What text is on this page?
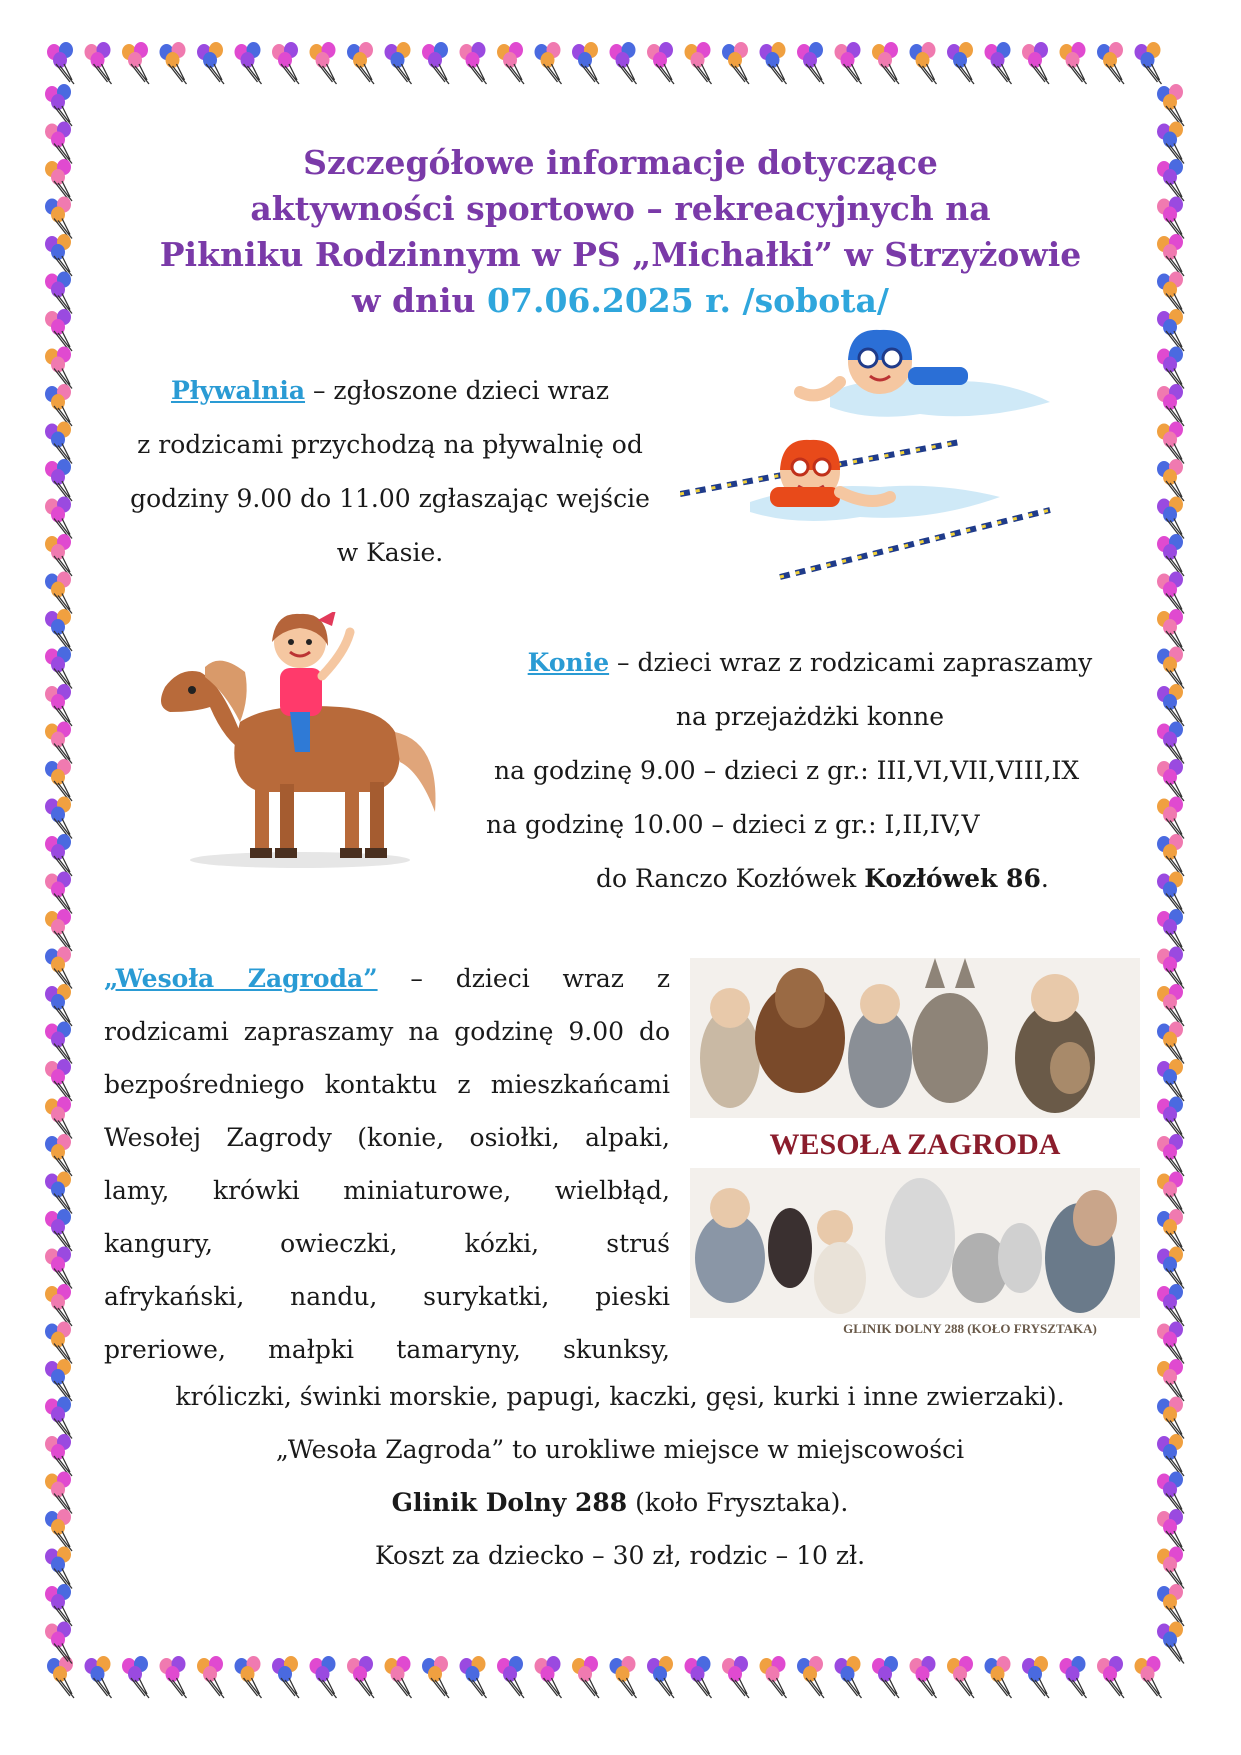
Szczegółowe informacje dotyczące
aktywności sportowo – rekreacyjnych na
Pikniku Rodzinnym w PS „Michałki” w Strzyżowie
w dniu 07.06.2025 r. /sobota/
Pływalnia – zgłoszone dzieci wraz
z rodzicami przychodzą na pływalnię od
godziny 9.00 do 11.00 zgłaszając wejście
w Kasie.
Konie – dzieci wraz z rodzicami zapraszamy
na przejażdżki konne
na godzinę 9.00 – dzieci z gr.: III,VI,VII,VIII,IX
na godzinę 10.00 – dzieci z gr.: I,II,IV,V
do Ranczo Kozłówek Kozłówek 86.
„Wesoła Zagroda” – dzieci wraz z
rodzicami zapraszamy na godzinę 9.00 do
bezpośredniego kontaktu z mieszkańcami
Wesołej Zagrody (konie, osiołki, alpaki,
lamy, krówki miniaturowe, wielbłąd,
kangury, owieczki, kózki, struś
afrykański, nandu, surykatki, pieski
preriowe, małpki tamaryny, skunksy,
króliczki, świnki morskie, papugi, kaczki, gęsi, kurki i inne zwierzaki).
„Wesoła Zagroda” to urokliwe miejsce w miejscowości
Glinik Dolny 288 (koło Frysztaka).
Koszt za dziecko – 30 zł, rodzic – 10 zł.
WESOŁA ZAGRODA
GLINIK DOLNY 288 (KOŁO FRYSZTAKA)
